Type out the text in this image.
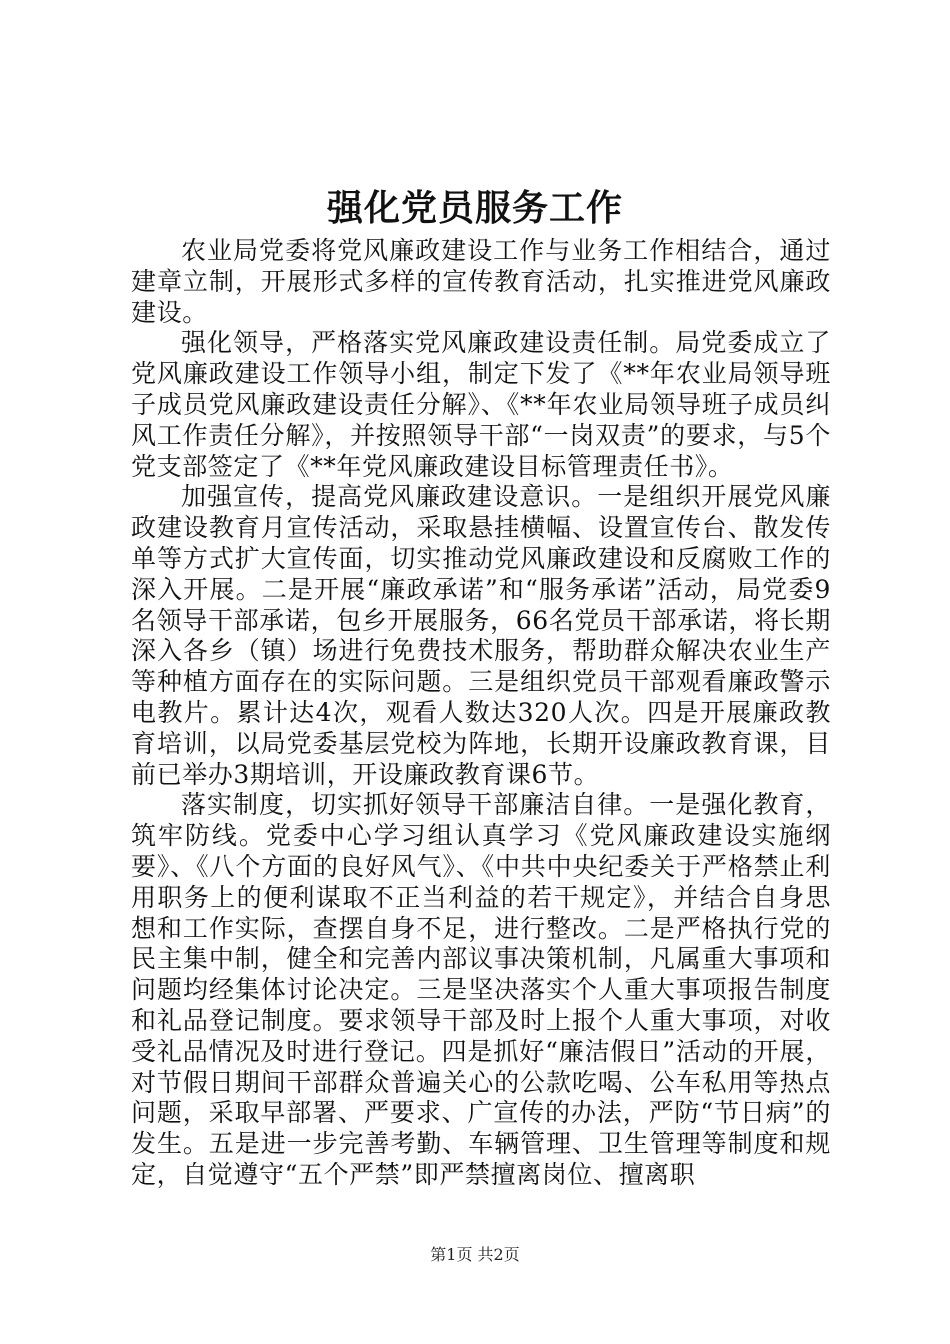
强化党员服务工作

农业局党委将党风廉政建设工作与业务工作相结合，通过建章立制，开展形式多样的宣传教育活动，扎实推进党风廉政建设。

强化领导，严格落实党风廉政建设责任制。局党委成立了党风廉政建设工作领导小组，制定下发了《**年农业局领导班子成员党风廉政建设责任分解》、《**年农业局领导班子成员纠风工作责任分解》，并按照领导干部“一岗双责”的要求，与5个党支部签定了《**年党风廉政建设目标管理责任书》。

加强宣传，提高党风廉政建设意识。一是组织开展党风廉政建设教育月宣传活动，采取悬挂横幅、设置宣传台、散发传单等方式扩大宣传面，切实推动党风廉政建设和反腐败工作的深入开展。二是开展“廉政承诺”和“服务承诺”活动，局党委9名领导干部承诺，包乡开展服务，66名党员干部承诺，将长期深入各乡（镇）场进行免费技术服务，帮助群众解决农业生产等种植方面存在的实际问题。三是组织党员干部观看廉政警示电教片。累计达4次，观看人数达320人次。四是开展廉政教育培训，以局党委基层党校为阵地，长期开设廉政教育课，目前已举办3期培训，开设廉政教育课6节。

落实制度，切实抓好领导干部廉洁自律。一是强化教育，筑牢防线。党委中心学习组认真学习《党风廉政建设实施纲要》、《八个方面的良好风气》、《中共中央纪委关于严格禁止利用职务上的便利谋取不正当利益的若干规定》，并结合自身思想和工作实际，查摆自身不足，进行整改。二是严格执行党的民主集中制，健全和完善内部议事决策机制，凡属重大事项和问题均经集体讨论决定。三是坚决落实个人重大事项报告制度和礼品登记制度。要求领导干部及时上报个人重大事项，对收受礼品情况及时进行登记。四是抓好“廉洁假日”活动的开展，对节假日期间干部群众普遍关心的公款吃喝、公车私用等热点问题，采取早部署、严要求、广宣传的办法，严防“节日病”的发生。五是进一步完善考勤、车辆管理、卫生管理等制度和规定，自觉遵守“五个严禁”即严禁擅离岗位、擅离职

第1页 共2页
